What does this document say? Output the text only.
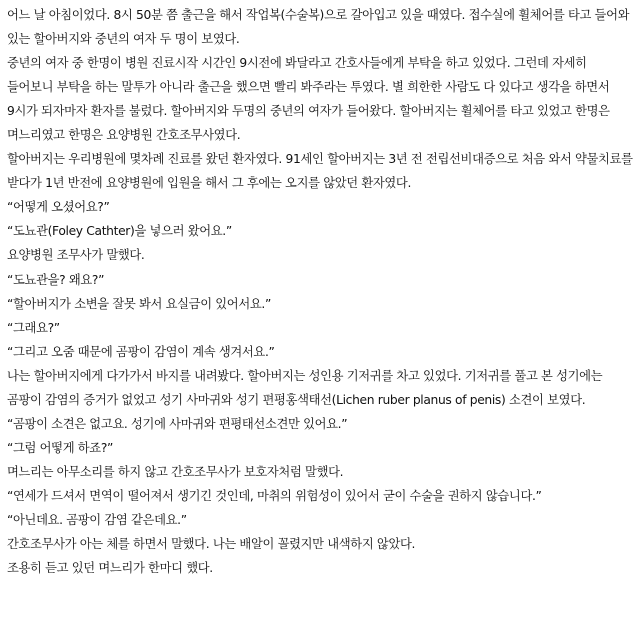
어느 날 아침이었다. 8시 50분 쯤 출근을 해서 작업복(수술복)으로 갈아입고 있을 때였다. 접수실에 휠체어를 타고 들어와 있는 할아버지와 중년의 여자 두 명이 보였다.

중년의 여자 중 한명이 병원 진료시작 시간인 9시전에 봐달라고 간호사들에게 부탁을 하고 있었다. 그런데 자세히 들어보니 부탁을 하는 말투가 아니라 출근을 했으면 빨리 봐주라는 투였다. 별 희한한 사람도 다 있다고 생각을 하면서 9시가 되자마자 환자를 불렀다. 할아버지와 두명의 중년의 여자가 들어왔다. 할아버지는 휠체어를 타고 있었고 한명은 며느리였고 한명은 요양병원 간호조무사였다.

할아버지는 우리병원에 몇차례 진료를 왔던 환자였다. 91세인 할아버지는 3년 전 전립선비대증으로 처음 와서 약물치료를 받다가 1년 반전에 요양병원에 입원을 해서 그 후에는 오지를 않았던 환자였다.

“어떻게 오셨어요?”

“도뇨관(Foley Cathter)을 넣으러 왔어요.”

요양병원 조무사가 말했다.

“도뇨관을? 왜요?”

“할아버지가 소변을 잘못 봐서 요실금이 있어서요.”

“그래요?”

“그리고 오줌 때문에 곰팡이 감염이 계속 생겨서요.”

나는 할아버지에게 다가가서 바지를 내려봤다. 할아버지는 성인용 기저귀를 차고 있었다. 기저귀를 풀고 본 성기에는 곰팡이 감염의 증거가 없었고 성기 사마귀와 성기 편평홍색태선(Lichen ruber planus of penis) 소견이 보였다.

“곰팡이 소견은 없고요. 성기에 사마귀와 편평태선소견만 있어요.”

“그럼 어떻게 하죠?”

며느리는 아무소리를 하지 않고 간호조무사가 보호자처럼 말했다.

“연세가 드셔서 면역이 떨어져서 생기긴 것인데, 마취의 위험성이 있어서 굳이 수술을 권하지 않습니다.”

“아닌데요. 곰팡이 감염 같은데요.”

간호조무사가 아는 체를 하면서 말했다. 나는 배알이 꼴렸지만 내색하지 않았다.

조용히 듣고 있던 며느리가 한마디 했다.
